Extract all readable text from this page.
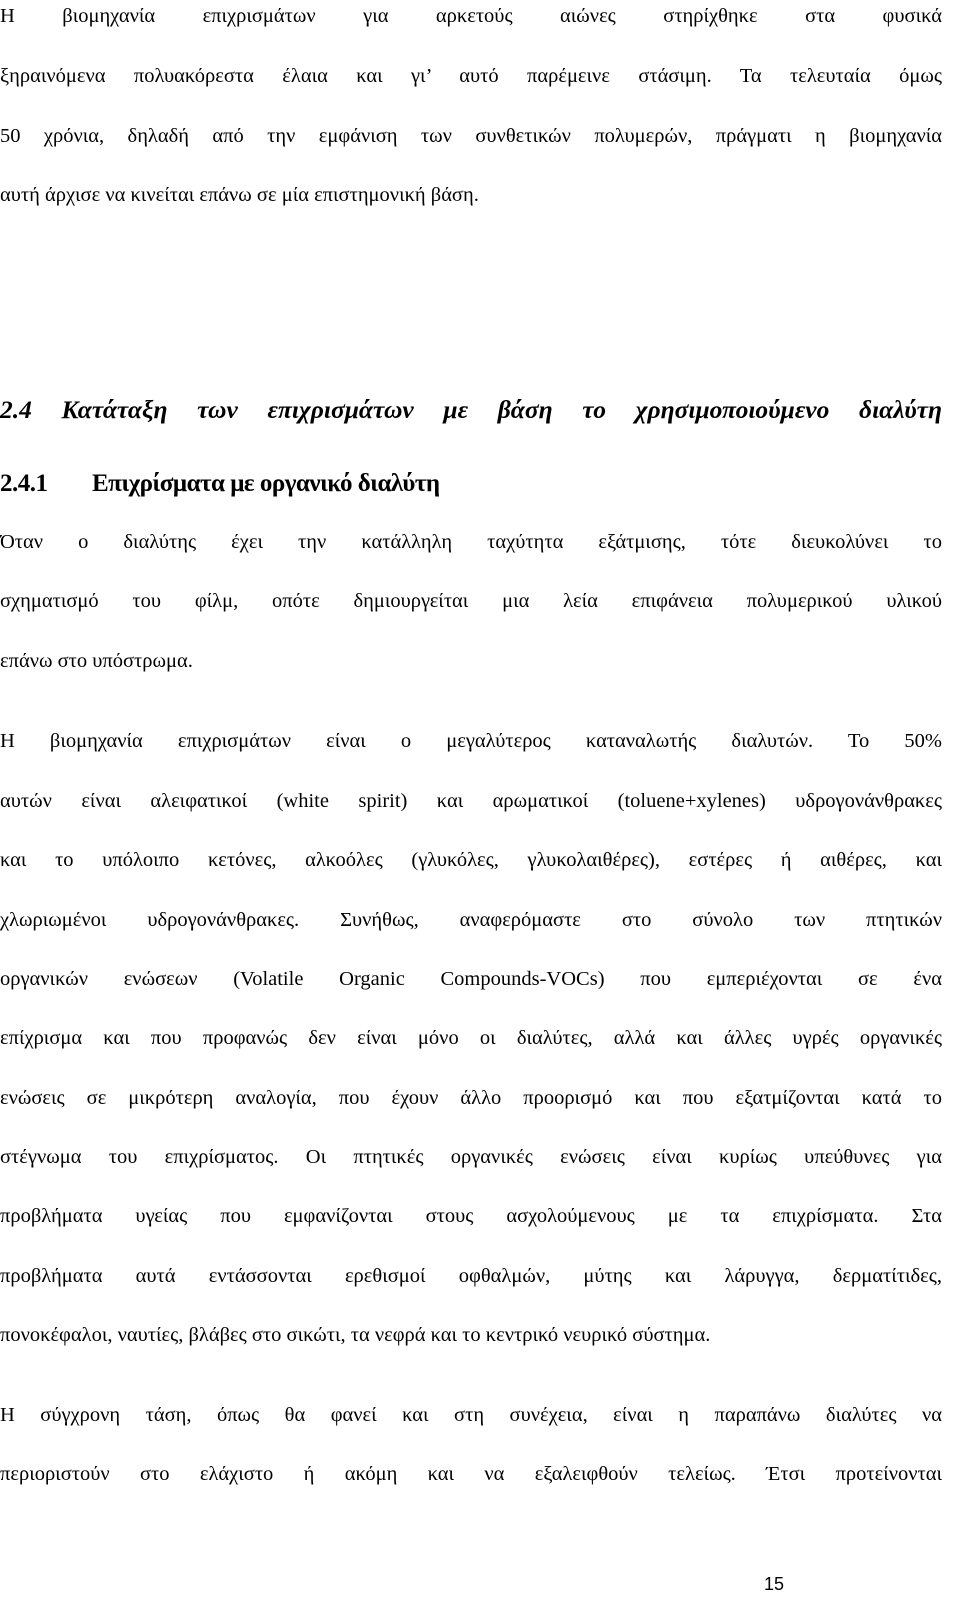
Η βιομηχανία επιχρισμάτων για αρκετούς αιώνες στηρίχθηκε στα φυσικά
ξηραινόμενα πολυακόρεστα έλαια και γι’ αυτό παρέμεινε στάσιμη. Τα τελευταία όμως
50 χρόνια, δηλαδή από την εμφάνιση των συνθετικών πολυμερών, πράγματι η βιομηχανία
αυτή άρχισε να κινείται επάνω σε μία επιστημονική βάση.
2.4 Κατάταξη των επιχρισμάτων με βάση το χρησιμοποιούμενο διαλύτη
2.4.1 Επιχρίσματα με οργανικό διαλύτη
Όταν ο διαλύτης έχει την κατάλληλη ταχύτητα εξάτμισης, τότε διευκολύνει το
σχηματισμό του φίλμ, οπότε δημιουργείται μια λεία επιφάνεια πολυμερικού υλικού
επάνω στο υπόστρωμα.
Η βιομηχανία επιχρισμάτων είναι ο μεγαλύτερος καταναλωτής διαλυτών. Το 50%
αυτών είναι αλειφατικοί (white spirit) και αρωματικοί (toluene+xylenes) υδρογονάνθρακες
και το υπόλοιπο κετόνες, αλκοόλες (γλυκόλες, γλυκολαιθέρες), εστέρες ή αιθέρες, και
χλωριωμένοι υδρογονάνθρακες. Συνήθως, αναφερόμαστε στο σύνολο των πτητικών
οργανικών ενώσεων (Volatile Organic Compounds-VOCs) που εμπεριέχονται σε ένα
επίχρισμα και που προφανώς δεν είναι μόνο οι διαλύτες, αλλά και άλλες υγρές οργανικές
ενώσεις σε μικρότερη αναλογία, που έχουν άλλο προορισμό και που εξατμίζονται κατά το
στέγνωμα του επιχρίσματος. Οι πτητικές οργανικές ενώσεις είναι κυρίως υπεύθυνες για
προβλήματα υγείας που εμφανίζονται στους ασχολούμενους με τα επιχρίσματα. Στα
προβλήματα αυτά εντάσσονται ερεθισμοί οφθαλμών, μύτης και λάρυγγα, δερματίτιδες,
πονοκέφαλοι, ναυτίες, βλάβες στο σικώτι, τα νεφρά και το κεντρικό νευρικό σύστημα.
Η σύγχρονη τάση, όπως θα φανεί και στη συνέχεια, είναι η παραπάνω διαλύτες να
περιοριστούν στο ελάχιστο ή ακόμη και να εξαλειφθούν τελείως. Έτσι προτείνονται
15
